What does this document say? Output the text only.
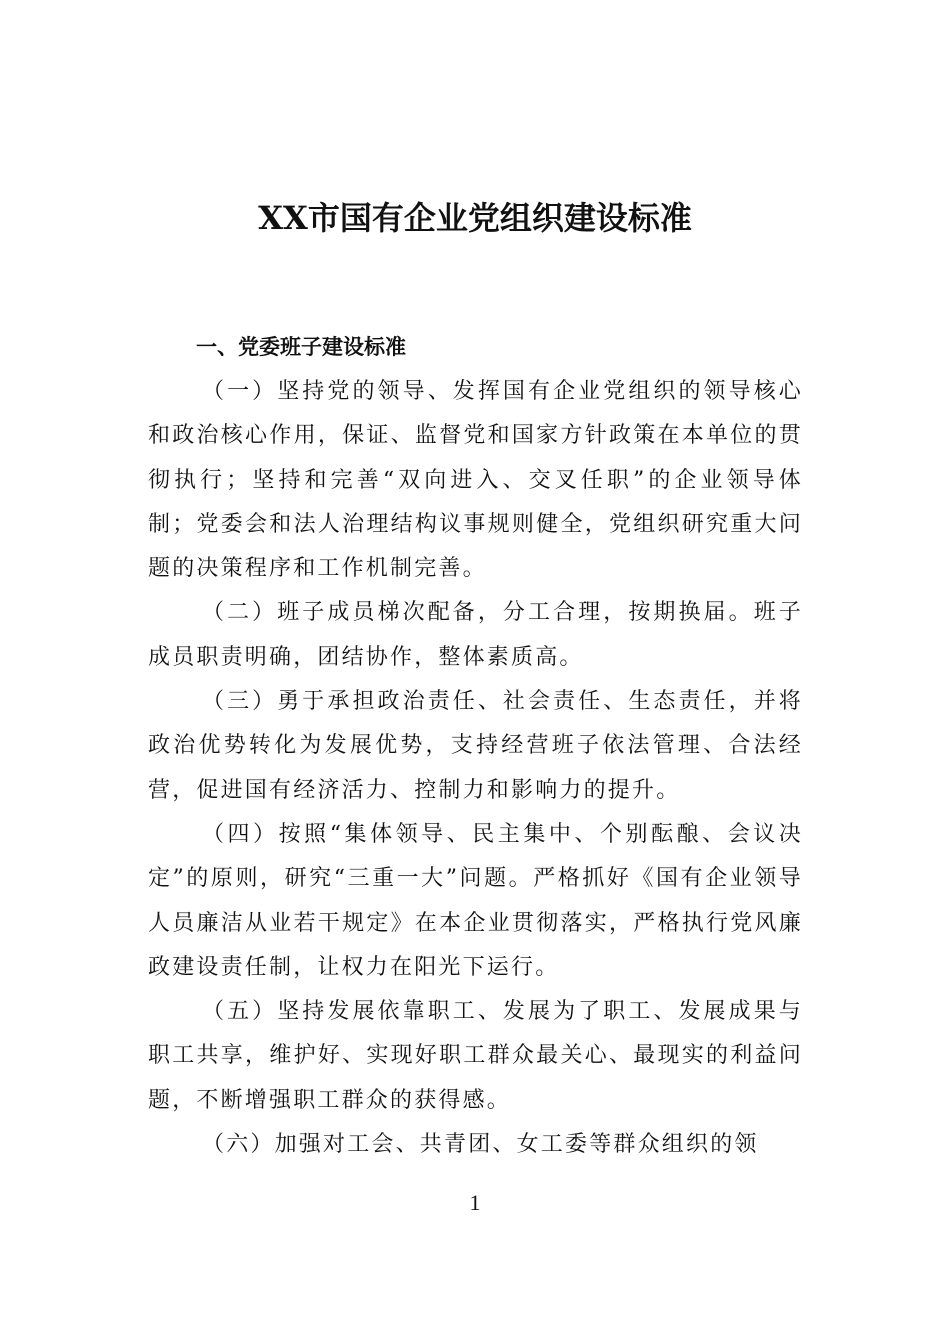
XX市国有企业党组织建设标准
一、党委班子建设标准

（一）坚持党的领导、发挥国有企业党组织的领导核心和政治核心作用，保证、监督党和国家方针政策在本单位的贯彻执行；坚持和完善“双向进入、交叉任职”的企业领导体制；党委会和法人治理结构议事规则健全，党组织研究重大问题的决策程序和工作机制完善。

（二）班子成员梯次配备，分工合理，按期换届。班子成员职责明确，团结协作，整体素质高。

（三）勇于承担政治责任、社会责任、生态责任，并将政治优势转化为发展优势，支持经营班子依法管理、合法经营，促进国有经济活力、控制力和影响力的提升。

（四）按照“集体领导、民主集中、个别酝酿、会议决定”的原则，研究“三重一大”问题。严格抓好《国有企业领导人员廉洁从业若干规定》在本企业贯彻落实，严格执行党风廉政建设责任制，让权力在阳光下运行。

（五）坚持发展依靠职工、发展为了职工、发展成果与职工共享，维护好、实现好职工群众最关心、最现实的利益问题，不断增强职工群众的获得感。

（六）加强对工会、共青团、女工委等群众组织的领

1
